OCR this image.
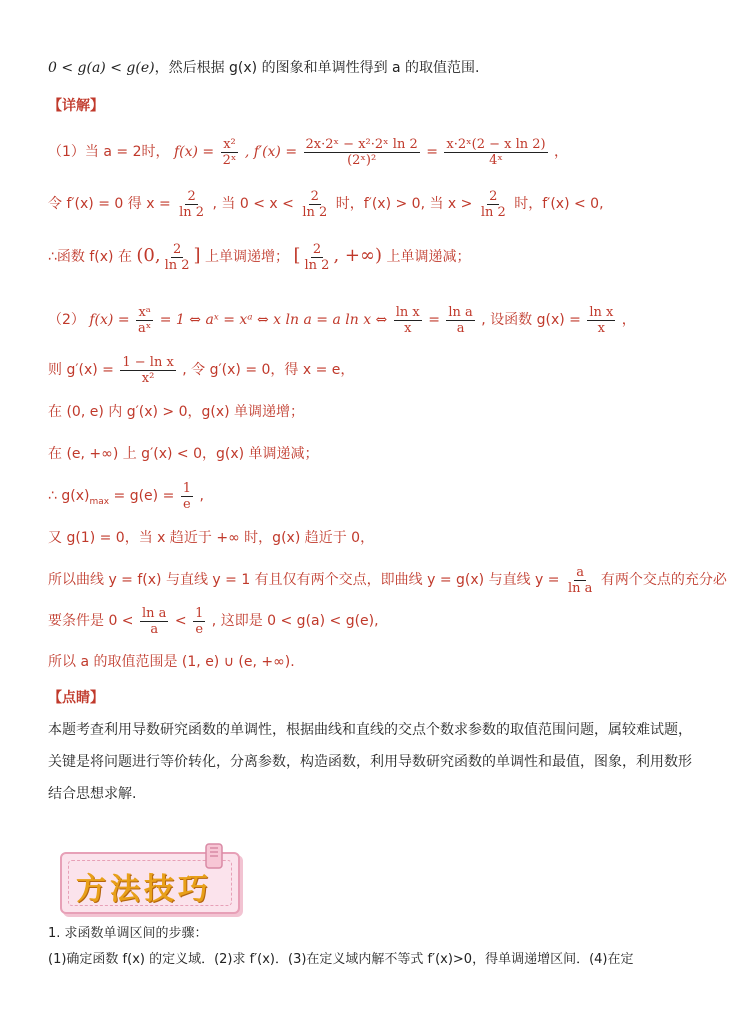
0 < g(a) < g(e)，然后根据 g(x) 的图象和单调性得到 a 的取值范围.
【详解】
（1）当 a = 2时， $f(x) = \frac{\text{x²}}{\text{2ˣ}}$ , $f'(x) = \frac{\text{2x·2ˣ − x²·2ˣ ln 2}}{\text{(2ˣ)²}} = \frac{\text{x·2ˣ(2 − x ln 2)}}{\text{4ˣ}}$ ，
令 f′(x) = 0 得 $x = \frac{2}{\ln 2}$ , 当 $0 < x < \frac{2}{\ln 2}$ 时，f′(x) > 0, 当 $x > \frac{2}{\ln 2}$ 时，f′(x) < 0,
∴函数 f(x) 在 (0, $\frac{2}{\ln 2}$ ] 上单调递增； [ $\frac{2}{\ln 2}$ , +∞) 上单调递减；
（2） $f(x) = \frac{\text{xᵃ}}{\text{aˣ}} = 1$ ⇔ aˣ = xᵃ ⇔ x ln a = a ln x ⇔ $\frac{\text{ln x}}{x} = \frac{\text{ln a}}{a}$ , 设函数 $g(x) = \frac{\text{ln x}}{x}$ ，
则 $g'(x) = \frac{\text{1 − ln x}}{\text{x²}}$ , 令 g′(x) = 0，得 x = e，
在 (0, e) 内 g′(x) > 0，g(x) 单调递增；
在 (e, +∞) 上 g′(x) < 0，g(x) 单调递减；
∴ $g(x)_{max} = g(e) = \frac{1}{e}$ ,
又 g(1) = 0，当 x 趋近于 +∞ 时，g(x) 趋近于 0，
所以曲线 y = f(x) 与直线 y = 1 有且仅有两个交点，即曲线 y = g(x) 与直线 $y = \frac{a}{\text{ln a}}$ 有两个交点的充分必
要条件是 $0 < \frac{\text{ln a}}{a} < \frac{1}{e}$ , 这即是 0 < g(a) < g(e),
所以 a 的取值范围是 (1, e) ∪ (e, +∞).
【点睛】
本题考查利用导数研究函数的单调性，根据曲线和直线的交点个数求参数的取值范围问题，属较难试题，关键是将问题进行等价转化，分离参数，构造函数，利用导数研究函数的单调性和最值，图象，利用数形结合思想求解.
方法技巧
1. 求函数单调区间的步骤：
(1)确定函数 f(x) 的定义域．(2)求 f′(x)．(3)在定义域内解不等式 f′(x)>0，得单调递增区间．(4)在定
